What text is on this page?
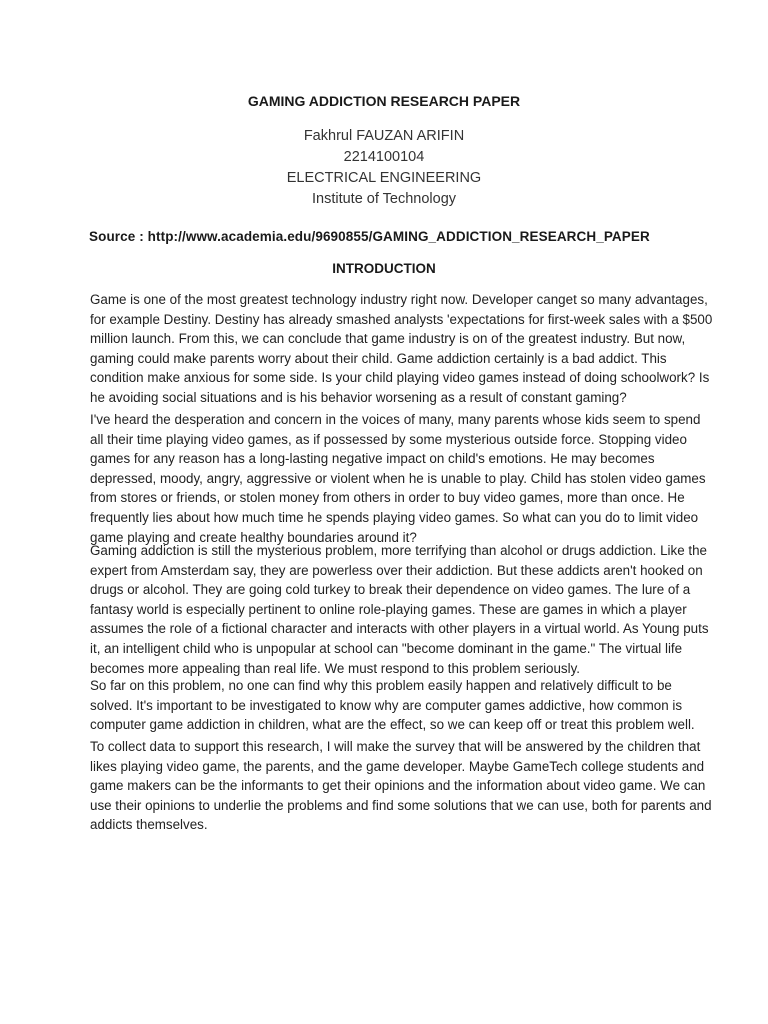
GAMING ADDICTION RESEARCH PAPER
Fakhrul FAUZAN ARIFIN
2214100104
ELECTRICAL ENGINEERING
Institute of Technology
Source : http://www.academia.edu/9690855/GAMING_ADDICTION_RESEARCH_PAPER
INTRODUCTION
Game is one of the most greatest technology industry right now. Developer canget so many advantages,
for example Destiny. Destiny has already smashed analysts 'expectations for first-week sales with a $500
million launch. From this, we can conclude that game industry is on of the greatest industry. But now,
gaming could make parents worry about their child. Game addiction certainly is a bad addict. This
condition make anxious for some side. Is your child playing video games instead of doing schoolwork? Is
he avoiding social situations and is his behavior worsening as a result of constant gaming?
I've heard the desperation and concern in the voices of many, many parents whose kids seem to spend
all their time playing video games, as if possessed by some mysterious outside force. Stopping video
games for any reason has a long-lasting negative impact on child's emotions. He may becomes
depressed, moody, angry, aggressive or violent when he is unable to play. Child has stolen video games
from stores or friends, or stolen money from others in order to buy video games, more than once. He
frequently lies about how much time he spends playing video games. So what can you do to limit video
game playing and create healthy boundaries around it?
Gaming addiction is still the mysterious problem, more terrifying than alcohol or drugs addiction. Like the
expert from Amsterdam say, they are powerless over their addiction. But these addicts aren't hooked on
drugs or alcohol. They are going cold turkey to break their dependence on video games. The lure of a
fantasy world is especially pertinent to online role-playing games. These are games in which a player
assumes the role of a fictional character and interacts with other players in a virtual world. As Young puts
it, an intelligent child who is unpopular at school can "become dominant in the game." The virtual life
becomes more appealing than real life. We must respond to this problem seriously.
So far on this problem, no one can find why this problem easily happen and relatively difficult to be
solved. It's important to be investigated to know why are computer games addictive, how common is
computer game addiction in children, what are the effect, so we can keep off or treat this problem well.
To collect data to support this research, I will make the survey that will be answered by the children that
likes playing video game, the parents, and the game developer. Maybe GameTech college students and
game makers can be the informants to get their opinions and the information about video game. We can
use their opinions to underlie the problems and find some solutions that we can use, both for parents and
addicts themselves.
